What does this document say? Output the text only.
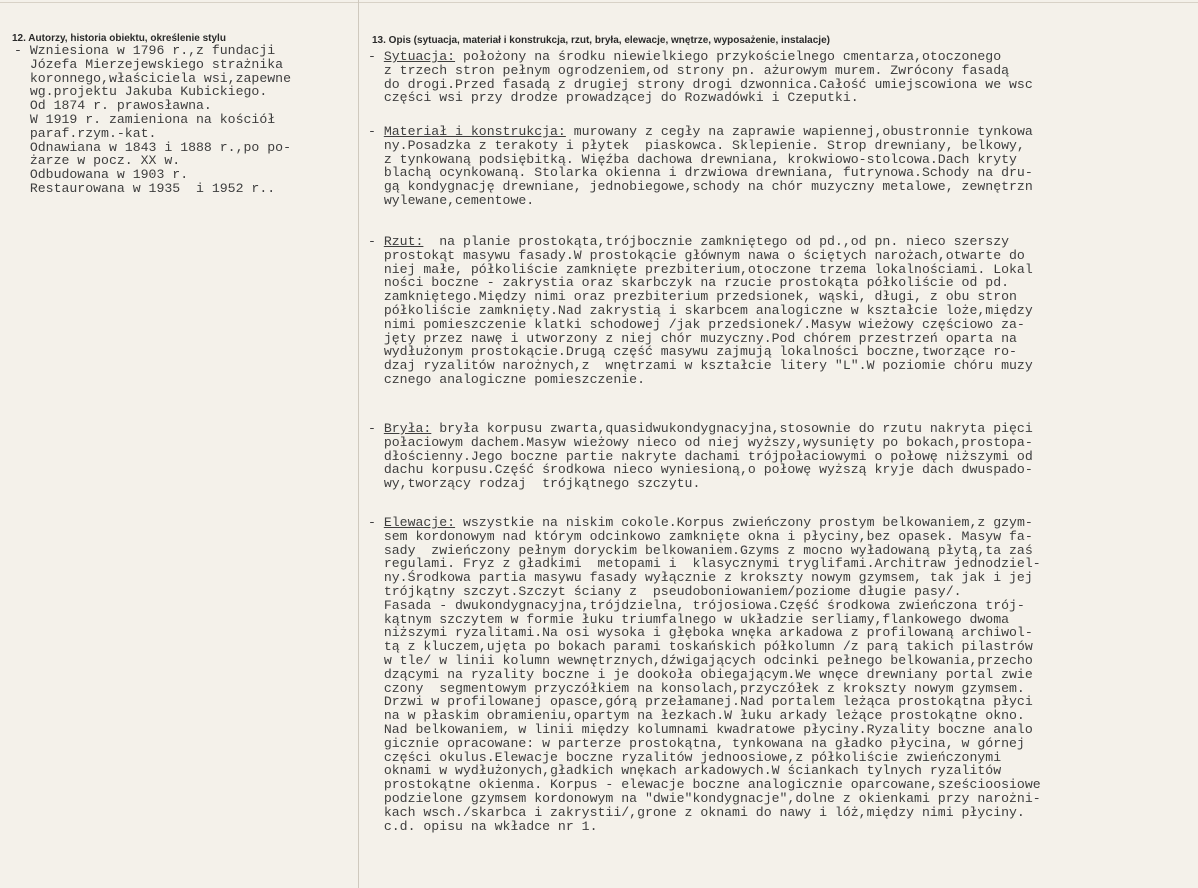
12. Autorzy, historia obiektu, określenie stylu
- Wzniesiona w 1796 r.,z fundacji
Józefa Mierzejewskiego strażnika
koronnego,właściciela wsi,zapewne
wg.projektu Jakuba Kubickiego.
Od 1874 r. prawosławna.
W 1919 r. zamieniona na kościół
paraf.rzym.-kat.
Odnawiana w 1843 i 1888 r.,po po-
żarze w pocz. XX w.
Odbudowana w 1903 r.
Restaurowana w 1935  i 1952 r..
13. Opis (sytuacja, materiał i konstrukcja, rzut, bryła, elewacje, wnętrze, wyposażenie, instalacje)
- Sytuacja: położony na środku niewielkiego przykościelnego cmentarza,otoczonego
z trzech stron pełnym ogrodzeniem,od strony pn. ażurowym murem. Zwrócony fasadą
do drogi.Przed fasadą z drugiej strony drogi dzwonnica.Całość umiejscowiona we wsc
części wsi przy drodze prowadzącej do Rozwadówki i Czeputki.
- Materiał i konstrukcja: murowany z cegły na zaprawie wapiennej,obustronnie tynkowa
ny.Posadzka z terakoty i płytek  piaskowca. Sklepienie. Strop drewniany, belkowy,
z tynkowaną podsiębitką. Więźba dachowa drewniana, krokwiowo-stolcowa.Dach kryty
blachą ocynkowaną. Stolarka okienna i drzwiowa drewniana, futrynowa.Schody na dru-
gą kondygnację drewniane, jednobiegowe,schody na chór muzyczny metalowe, zewnętrzn
wylewane,cementowe.
- Rzut:  na planie prostokąta,trójbocznie zamkniętego od pd.,od pn. nieco szerszy
prostokąt masywu fasady.W prostokącie głównym nawa o ściętych narożach,otwarte do
niej małe, półkoliście zamknięte prezbiterium,otoczone trzema lokalnościami. Lokal
ności boczne - zakrystia oraz skarbczyk na rzucie prostokąta półkoliście od pd.
zamkniętego.Między nimi oraz prezbiterium przedsionek, wąski, długi, z obu stron
półkoliście zamknięty.Nad zakrystią i skarbcem analogiczne w kształcie loże,między
nimi pomieszczenie klatki schodowej /jak przedsionek/.Masyw wieżowy częściowo za-
jęty przez nawę i utworzony z niej chór muzyczny.Pod chórem przestrzeń oparta na
wydłużonym prostokącie.Drugą część masywu zajmują lokalności boczne,tworzące ro-
dzaj ryzalitów narożnych,z  wnętrzami w kształcie litery "L".W poziomie chóru muzy
cznego analogiczne pomieszczenie.
- Bryła: bryła korpusu zwarta,quasidwukondygnacyjna,stosownie do rzutu nakryta pięci
połaciowym dachem.Masyw wieżowy nieco od niej wyższy,wysunięty po bokach,prostopa-
dłościenny.Jego boczne partie nakryte dachami trójpołaciowymi o połowę niższymi od
dachu korpusu.Część środkowa nieco wyniesioną,o połowę wyższą kryje dach dwuspado-
wy,tworzący rodzaj  trójkątnego szczytu.
- Elewacje: wszystkie na niskim cokole.Korpus zwieńczony prostym belkowaniem,z gzym-
sem kordonowym nad którym odcinkowo zamknięte okna i płyciny,bez opasek. Masyw fa-
sady  zwieńczony pełnym doryckim belkowaniem.Gzyms z mocno wyładowaną płytą,ta zaś
regulami. Fryz z gładkimi  metopami i  klasycznymi tryglifami.Architraw jednodziel-
ny.Środkowa partia masywu fasady wyłącznie z krokszty nowym gzymsem, tak jak i jej
trójkątny szczyt.Szczyt ściany z  pseudoboniowaniem/poziome długie pasy/.
Fasada - dwukondygnacyjna,trójdzielna, trójosiowa.Część środkowa zwieńczona trój-
kątnym szczytem w formie łuku triumfalnego w układzie serliamy,flankowego dwoma
niższymi ryzalitami.Na osi wysoka i głęboka wnęka arkadowa z profilowaną archiwol-
tą z kluczem,ujęta po bokach parami toskańskich półkolumn /z parą takich pilastrów
w tle/ w linii kolumn wewnętrznych,dźwigających odcinki pełnego belkowania,przecho
dzącymi na ryzality boczne i je dookoła obiegającym.We wnęce drewniany portal zwie
czony  segmentowym przyczółkiem na konsolach,przyczółek z krokszty nowym gzymsem.
Drzwi w profilowanej opasce,górą przełamanej.Nad portalem leżąca prostokątna płyci
na w płaskim obramieniu,opartym na łezkach.W łuku arkady leżące prostokątne okno.
Nad belkowaniem, w linii między kolumnami kwadratowe płyciny.Ryzality boczne analo
gicznie opracowane: w parterze prostokątna, tynkowana na gładko płycina, w górnej
części okulus.Elewacje boczne ryzalitów jednoosiowe,z półkoliście zwieńczonymi
oknami w wydłużonych,gładkich wnękach arkadowych.W ściankach tylnych ryzalitów
prostokątne okienma. Korpus - elewacje boczne analogicznie oparcowane,sześcioosiowe
podzielone gzymsem kordonowym na "dwie"kondygnacje",dolne z okienkami przy narożni-
kach wsch./skarbca i zakrystii/,grone z oknami do nawy i lóż,między nimi płyciny.
c.d. opisu na wkładce nr 1.
